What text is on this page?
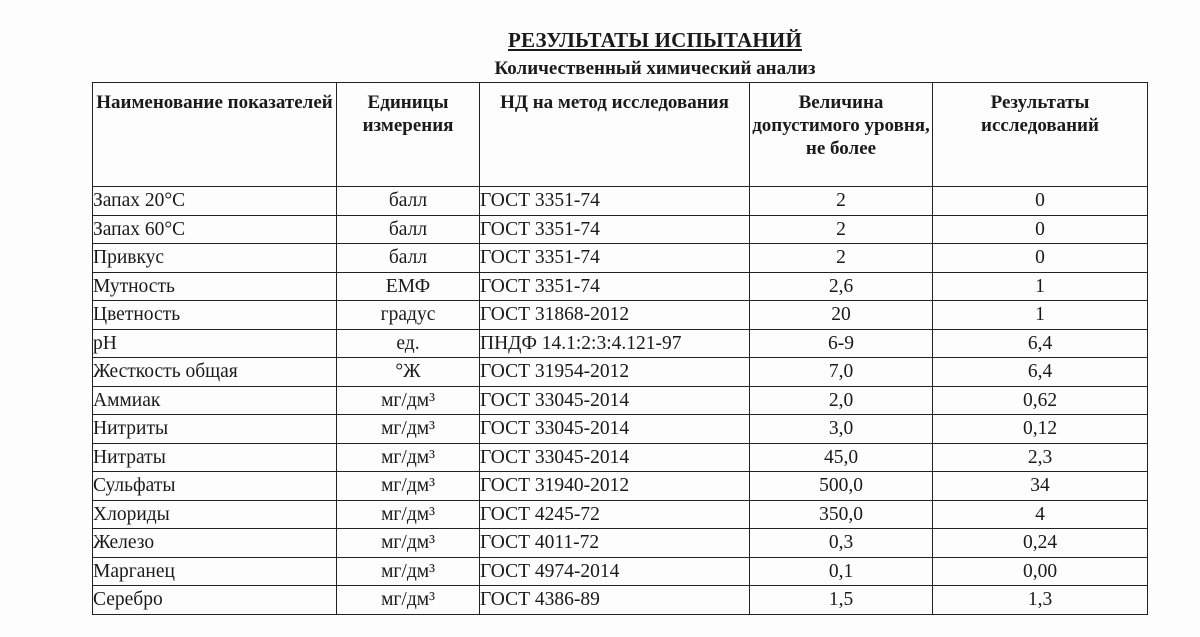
РЕЗУЛЬТАТЫ ИСПЫТАНИЙ
Количественный химический анализ
Наименование показателей	Единицы измерения	НД на метод исследования	Величина допустимого уровня, не более	Результаты исследований
Запах 20°С	балл	ГОСТ 3351-74	2	0
Запах 60°С	балл	ГОСТ 3351-74	2	0
Привкус	балл	ГОСТ 3351-74	2	0
Мутность	ЕМФ	ГОСТ 3351-74	2,6	1
Цветность	градус	ГОСТ 31868-2012	20	1
pH	ед.	ПНДФ 14.1:2:3:4.121-97	6-9	6,4
Жесткость общая	°Ж	ГОСТ 31954-2012	7,0	6,4
Аммиак	мг/дм³	ГОСТ 33045-2014	2,0	0,62
Нитриты	мг/дм³	ГОСТ 33045-2014	3,0	0,12
Нитраты	мг/дм³	ГОСТ 33045-2014	45,0	2,3
Сульфаты	мг/дм³	ГОСТ 31940-2012	500,0	34
Хлориды	мг/дм³	ГОСТ 4245-72	350,0	4
Железо	мг/дм³	ГОСТ 4011-72	0,3	0,24
Марганец	мг/дм³	ГОСТ 4974-2014	0,1	0,00
Серебро	мг/дм³	ГОСТ 4386-89	1,5	1,3
